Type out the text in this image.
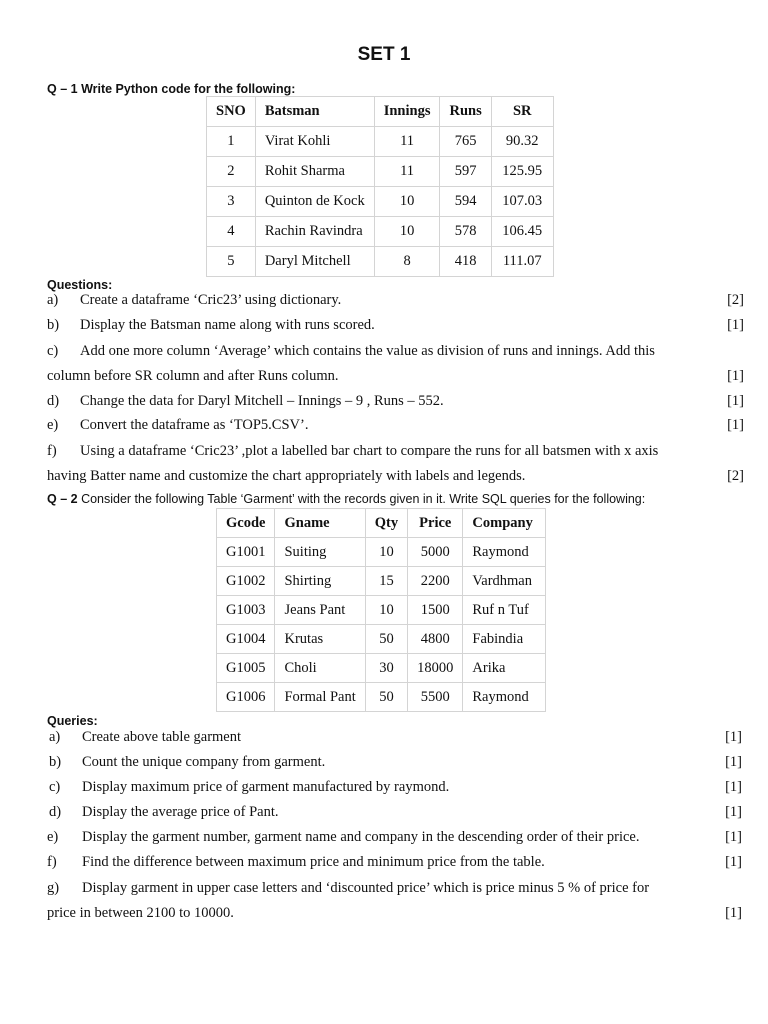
SET 1
Q – 1 Write Python code for the following:
SNO	Batsman	Innings	Runs	SR
1	Virat Kohli	11	765	90.32
2	Rohit Sharma	11	597	125.95
3	Quinton de Kock	10	594	107.03
4	Rachin Ravindra	10	578	106.45
5	Daryl Mitchell	8	418	111.07
Questions:
a) Create a dataframe ‘Cric23’ using dictionary.	[2]
b) Display the Batsman name along with runs scored.	[1]
c) Add one more column ‘Average’ which contains the value as division of runs and innings. Add this
column before SR column and after Runs column.	[1]
d) Change the data for Daryl Mitchell – Innings – 9 , Runs – 552.	[1]
e) Convert the dataframe as ‘TOP5.CSV’.	[1]
f) Using a dataframe ‘Cric23’ ,plot a labelled bar chart to compare the runs for all batsmen with x axis
having Batter name and customize the chart appropriately with labels and legends.	[2]
Q – 2 Consider the following Table ‘Garment’ with the records given in it. Write SQL queries for the following:
Gcode	Gname	Qty	Price	Company
G1001	Suiting	10	5000	Raymond
G1002	Shirting	15	2200	Vardhman
G1003	Jeans Pant	10	1500	Ruf n Tuf
G1004	Krutas	50	4800	Fabindia
G1005	Choli	30	18000	Arika
G1006	Formal Pant	50	5500	Raymond
Queries:
a) Create above table garment	[1]
b) Count the unique company from garment.	[1]
c) Display maximum price of garment manufactured by raymond.	[1]
d) Display the average price of Pant.	[1]
e) Display the garment number, garment name and company in the descending order of their price.	[1]
f) Find the difference between maximum price and minimum price from the table.	[1]
g) Display garment in upper case letters and ‘discounted price’ which is price minus 5 % of price for
price in between 2100 to 10000.	[1]
